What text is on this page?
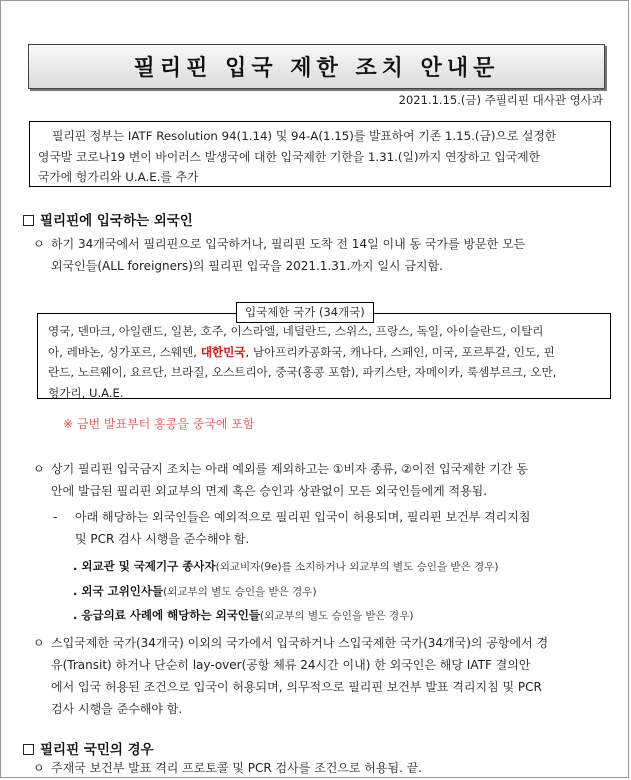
필리핀 입국 제한 조치 안내문
2021.1.15.(금) 주필리핀 대사관 영사과
필리핀 정부는 IATF Resolution 94(1.14) 및 94-A(1.15)를 발표하여 기존 1.15.(금)으로 설정한
영국발 코로나19 변이 바이러스 발생국에 대한 입국제한 기한을 1.31.(일)까지 연장하고 입국제한
국가에 헝가리와 U.A.E.를 추가
필리핀에 입국하는 외국인
ㅇ 하기 34개국에서 필리핀으로 입국하거나, 필리핀 도착 전 14일 이내 동 국가를 방문한 모든
외국인들(ALL foreigners)의 필리핀 입국을 2021.1.31.까지 일시 금지함.
영국, 덴마크, 아일랜드, 일본, 호주, 이스라엘, 네덜란드, 스위스, 프랑스, 독일, 아이슬란드, 이탈리
아, 레바논, 싱가포르, 스웨덴, 대한민국, 남아프리카공화국, 캐나다, 스페인, 미국, 포르투갈, 인도, 핀
란드, 노르웨이, 요르단, 브라질, 오스트리아, 중국(홍콩 포함), 파키스탄, 자메이카, 룩셈부르크, 오만,
헝가리, U.A.E.
입국제한 국가 (34개국)
※ 금번 발표부터 홍콩을 중국에 포함
ㅇ 상기 필리핀 입국금지 조치는 아래 예외를 제외하고는 ①비자 종류, ②이전 입국제한 기간 동
안에 발급된 필리핀 외교부의 면제 혹은 승인과 상관없이 모든 외국인들에게 적용됨.
- 아래 해당하는 외국인들은 예외적으로 필리핀 입국이 허용되며, 필리핀 보건부 격리지침
및 PCR 검사 시행을 준수해야 함.
. 외교관 및 국제기구 종사자(외교비자(9e)를 소지하거나 외교부의 별도 승인을 받은 경우)
. 외국 고위인사들(외교부의 별도 승인을 받은 경우)
. 응급의료 사례에 해당하는 외국인들(외교부의 별도 승인을 받은 경우)
ㅇ 스입국제한 국가(34개국) 이외의 국가에서 입국하거나 스입국제한 국가(34개국)의 공항에서 경
유(Transit) 하거나 단순히 lay-over(공항 체류 24시간 이내) 한 외국인은 해당 IATF 결의안
에서 입국 허용된 조건으로 입국이 허용되며, 의무적으로 필리핀 보건부 발표 격리지침 및 PCR
검사 시행을 준수해야 함.
필리핀 국민의 경우
ㅇ 주재국 보건부 발표 격리 프로토콜 및 PCR 검사를 조건으로 허용됨. 끝.
